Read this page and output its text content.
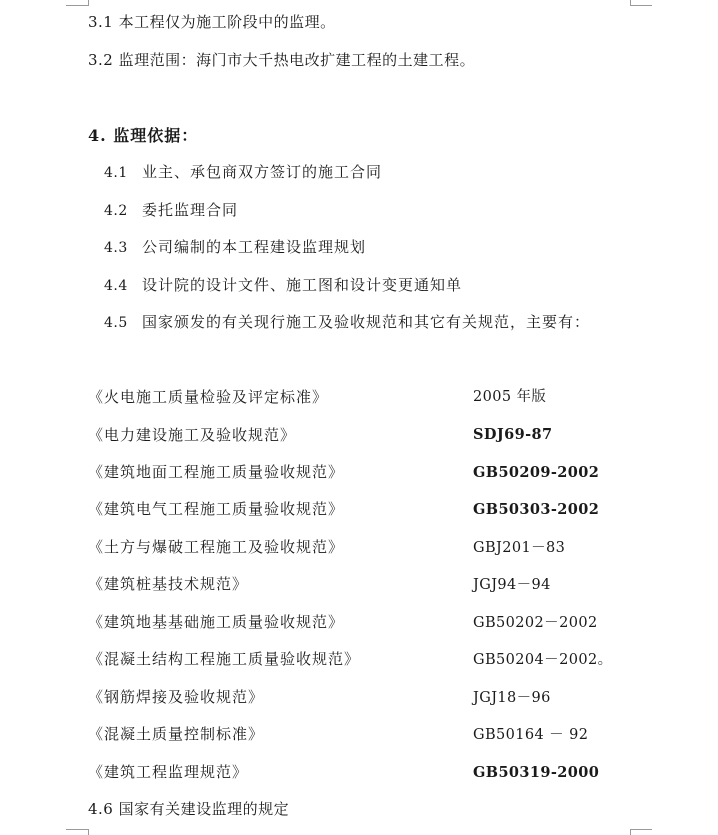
3.1 本工程仅为施工阶段中的监理。
3.2 监理范围：海门市大千热电改扩建工程的土建工程。
4. 监理依据：
4.1 业主、承包商双方签订的施工合同
4.2 委托监理合同
4.3 公司编制的本工程建设监理规划
4.4 设计院的设计文件、施工图和设计变更通知单
4.5 国家颁发的有关现行施工及验收规范和其它有关规范，主要有：
《火电施工质量检验及评定标准》	2005 年版
《电力建设施工及验收规范》	SDJ69-87
《建筑地面工程施工质量验收规范》	GB50209-2002
《建筑电气工程施工质量验收规范》	GB50303-2002
《土方与爆破工程施工及验收规范》	GBJ201－83
《建筑桩基技术规范》	JGJ94－94
《建筑地基基础施工质量验收规范》	GB50202－2002
《混凝土结构工程施工质量验收规范》	GB50204－2002。
《钢筋焊接及验收规范》	JGJ18－96
《混凝土质量控制标准》	GB50164 － 92
《建筑工程监理规范》	GB50319-2000
4.6 国家有关建设监理的规定
